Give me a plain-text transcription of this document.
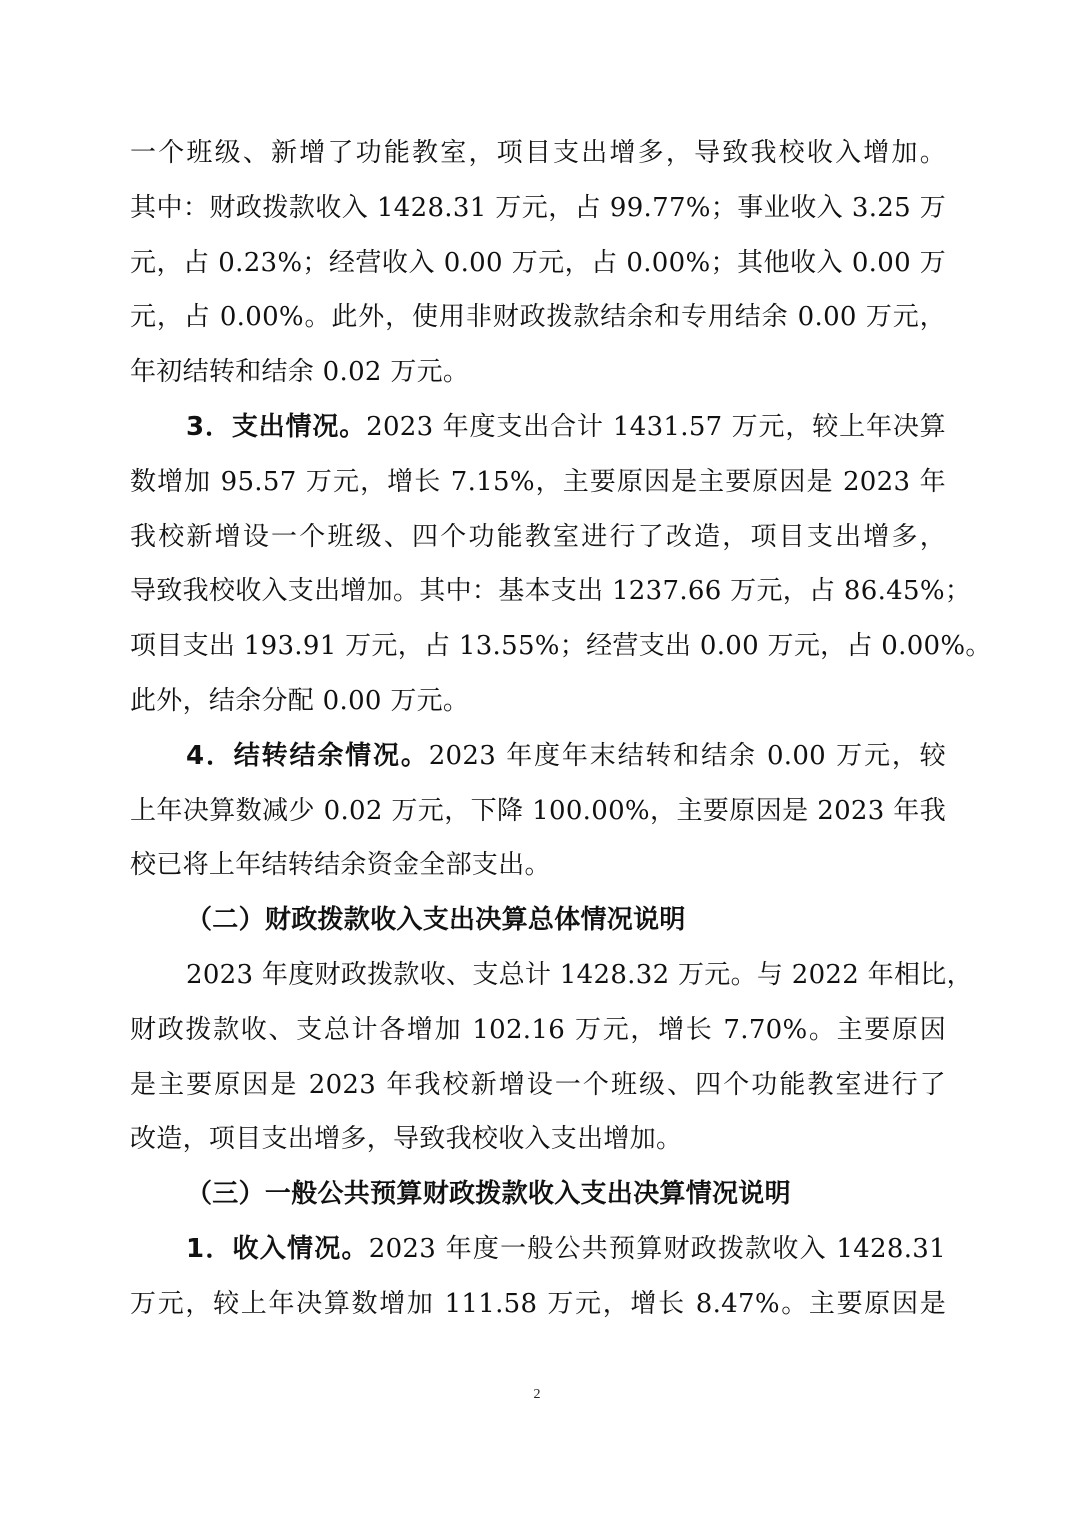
一个班级、新增了功能教室，项目支出增多，导致我校收入增加。
其中：财政拨款收入 1428.31 万元，占 99.77%；事业收入 3.25 万
元，占 0.23%；经营收入 0.00 万元，占 0.00%；其他收入 0.00 万
元，占 0.00%。此外，使用非财政拨款结余和专用结余 0.00 万元，
年初结转和结余 0.02 万元。
3．支出情况。2023 年度支出合计 1431.57 万元，较上年决算
数增加 95.57 万元，增长 7.15%，主要原因是主要原因是 2023 年
我校新增设一个班级、四个功能教室进行了改造，项目支出增多，
导致我校收入支出增加。其中：基本支出 1237.66 万元，占 86.45%；
项目支出 193.91 万元，占 13.55%；经营支出 0.00 万元，占 0.00%。
此外，结余分配 0.00 万元。
4．结转结余情况。2023 年度年末结转和结余 0.00 万元，较
上年决算数减少 0.02 万元，下降 100.00%，主要原因是 2023 年我
校已将上年结转结余资金全部支出。
（二）财政拨款收入支出决算总体情况说明
2023 年度财政拨款收、支总计 1428.32 万元。与 2022 年相比，
财政拨款收、支总计各增加 102.16 万元，增长 7.70%。主要原因
是主要原因是 2023 年我校新增设一个班级、四个功能教室进行了
改造，项目支出增多，导致我校收入支出增加。
（三）一般公共预算财政拨款收入支出决算情况说明
1．收入情况。2023 年度一般公共预算财政拨款收入 1428.31
万元，较上年决算数增加 111.58 万元，增长 8.47%。主要原因是
2
